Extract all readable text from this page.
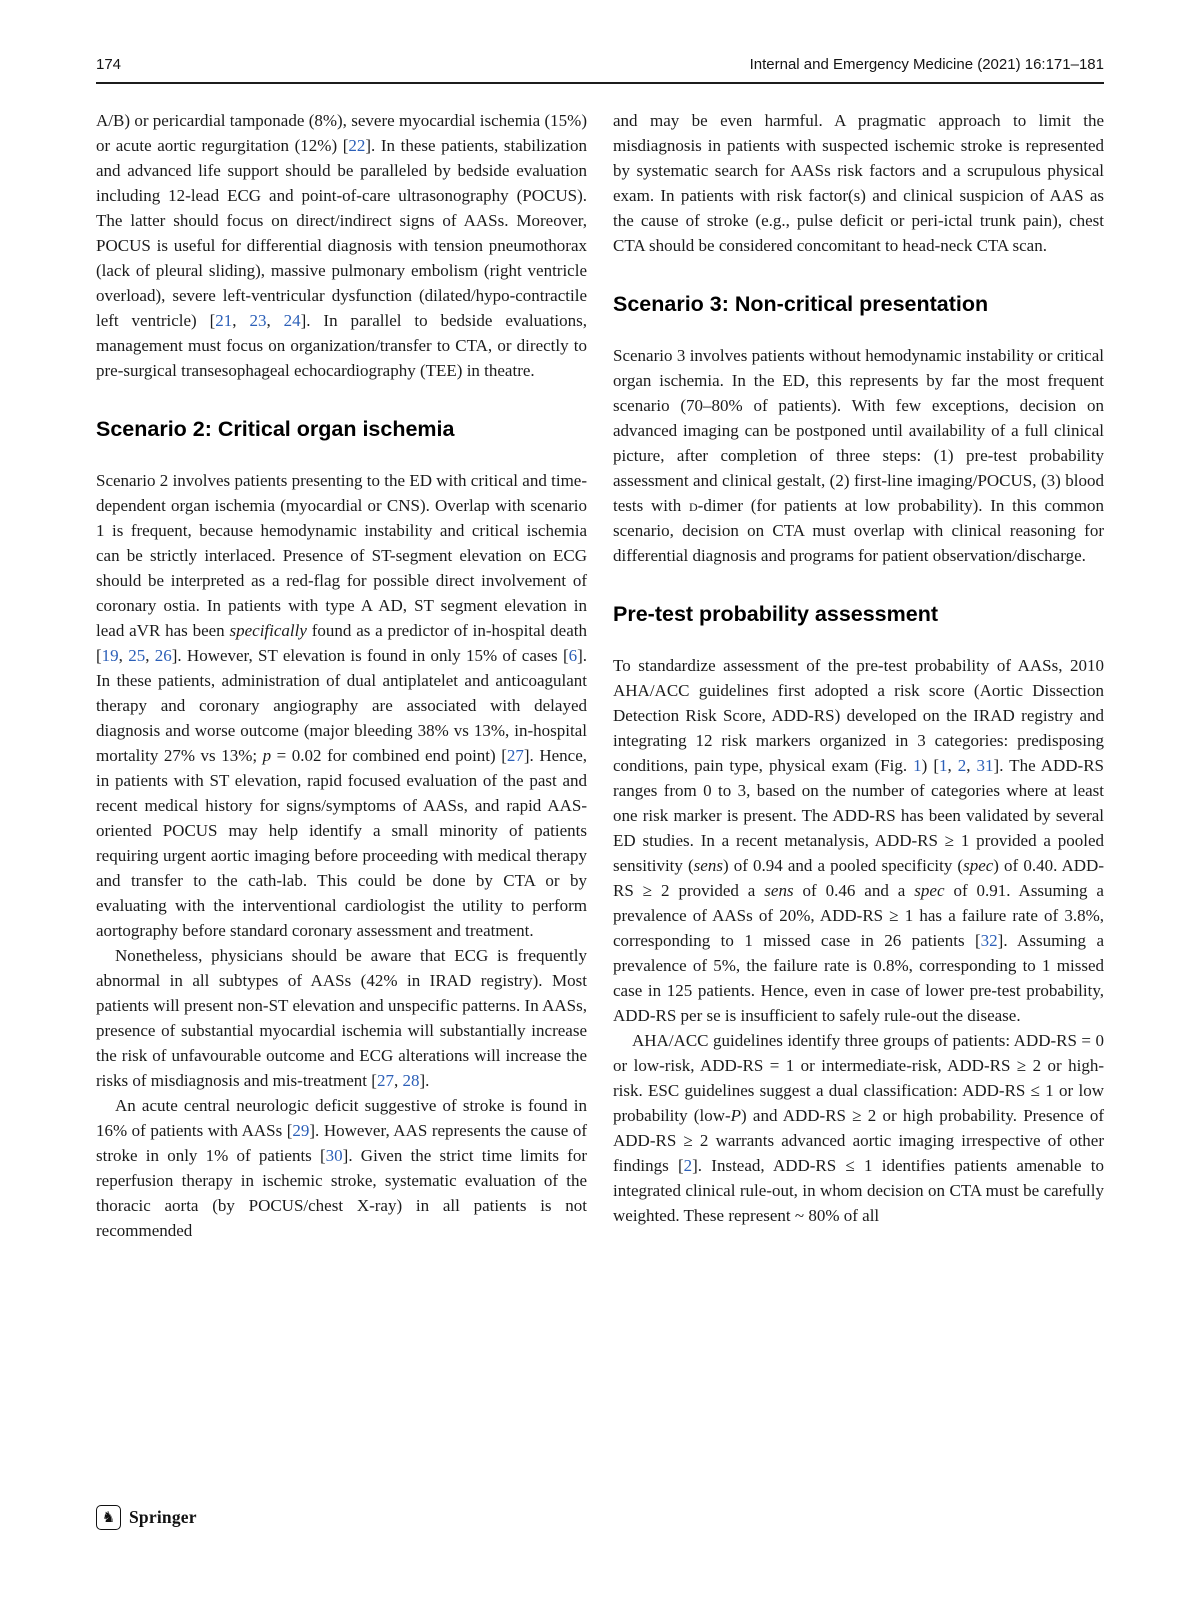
174	Internal and Emergency Medicine (2021) 16:171–181

A/B) or pericardial tamponade (8%), severe myocardial ischemia (15%) or acute aortic regurgitation (12%) [22]. In these patients, stabilization and advanced life support should be paralleled by bedside evaluation including 12-lead ECG and point-of-care ultrasonography (POCUS). The latter should focus on direct/indirect signs of AASs. Moreover, POCUS is useful for differential diagnosis with tension pneumothorax (lack of pleural sliding), massive pulmonary embolism (right ventricle overload), severe left-ventricular dysfunction (dilated/hypo-contractile left ventricle) [21, 23, 24]. In parallel to bedside evaluations, management must focus on organization/transfer to CTA, or directly to pre-surgical transesophageal echocardiography (TEE) in theatre.

Scenario 2: Critical organ ischemia

Scenario 2 involves patients presenting to the ED with critical and time-dependent organ ischemia (myocardial or CNS). Overlap with scenario 1 is frequent, because hemodynamic instability and critical ischemia can be strictly interlaced. Presence of ST-segment elevation on ECG should be interpreted as a red-flag for possible direct involvement of coronary ostia. In patients with type A AD, ST segment elevation in lead aVR has been specifically found as a predictor of in-hospital death [19, 25, 26]. However, ST elevation is found in only 15% of cases [6]. In these patients, administration of dual antiplatelet and anticoagulant therapy and coronary angiography are associated with delayed diagnosis and worse outcome (major bleeding 38% vs 13%, in-hospital mortality 27% vs 13%; p = 0.02 for combined end point) [27]. Hence, in patients with ST elevation, rapid focused evaluation of the past and recent medical history for signs/symptoms of AASs, and rapid AAS-oriented POCUS may help identify a small minority of patients requiring urgent aortic imaging before proceeding with medical therapy and transfer to the cath-lab. This could be done by CTA or by evaluating with the interventional cardiologist the utility to perform aortography before standard coronary assessment and treatment.

Nonetheless, physicians should be aware that ECG is frequently abnormal in all subtypes of AASs (42% in IRAD registry). Most patients will present non-ST elevation and unspecific patterns. In AASs, presence of substantial myocardial ischemia will substantially increase the risk of unfavourable outcome and ECG alterations will increase the risks of misdiagnosis and mis-treatment [27, 28].

An acute central neurologic deficit suggestive of stroke is found in 16% of patients with AASs [29]. However, AAS represents the cause of stroke in only 1% of patients [30]. Given the strict time limits for reperfusion therapy in ischemic stroke, systematic evaluation of the thoracic aorta (by POCUS/chest X-ray) in all patients is not recommended

and may be even harmful. A pragmatic approach to limit the misdiagnosis in patients with suspected ischemic stroke is represented by systematic search for AASs risk factors and a scrupulous physical exam. In patients with risk factor(s) and clinical suspicion of AAS as the cause of stroke (e.g., pulse deficit or peri-ictal trunk pain), chest CTA should be considered concomitant to head-neck CTA scan.

Scenario 3: Non-critical presentation

Scenario 3 involves patients without hemodynamic instability or critical organ ischemia. In the ED, this represents by far the most frequent scenario (70–80% of patients). With few exceptions, decision on advanced imaging can be postponed until availability of a full clinical picture, after completion of three steps: (1) pre-test probability assessment and clinical gestalt, (2) first-line imaging/POCUS, (3) blood tests with d-dimer (for patients at low probability). In this common scenario, decision on CTA must overlap with clinical reasoning for differential diagnosis and programs for patient observation/discharge.

Pre-test probability assessment

To standardize assessment of the pre-test probability of AASs, 2010 AHA/ACC guidelines first adopted a risk score (Aortic Dissection Detection Risk Score, ADD-RS) developed on the IRAD registry and integrating 12 risk markers organized in 3 categories: predisposing conditions, pain type, physical exam (Fig. 1) [1, 2, 31]. The ADD-RS ranges from 0 to 3, based on the number of categories where at least one risk marker is present. The ADD-RS has been validated by several ED studies. In a recent metanalysis, ADD-RS ≥ 1 provided a pooled sensitivity (sens) of 0.94 and a pooled specificity (spec) of 0.40. ADD-RS ≥ 2 provided a sens of 0.46 and a spec of 0.91. Assuming a prevalence of AASs of 20%, ADD-RS ≥ 1 has a failure rate of 3.8%, corresponding to 1 missed case in 26 patients [32]. Assuming a prevalence of 5%, the failure rate is 0.8%, corresponding to 1 missed case in 125 patients. Hence, even in case of lower pre-test probability, ADD-RS per se is insufficient to safely rule-out the disease.

AHA/ACC guidelines identify three groups of patients: ADD-RS = 0 or low-risk, ADD-RS = 1 or intermediate-risk, ADD-RS ≥ 2 or high-risk. ESC guidelines suggest a dual classification: ADD-RS ≤ 1 or low probability (low-P) and ADD-RS ≥ 2 or high probability. Presence of ADD-RS ≥ 2 warrants advanced aortic imaging irrespective of other findings [2]. Instead, ADD-RS ≤ 1 identifies patients amenable to integrated clinical rule-out, in whom decision on CTA must be carefully weighted. These represent ~ 80% of all

♞ Springer
